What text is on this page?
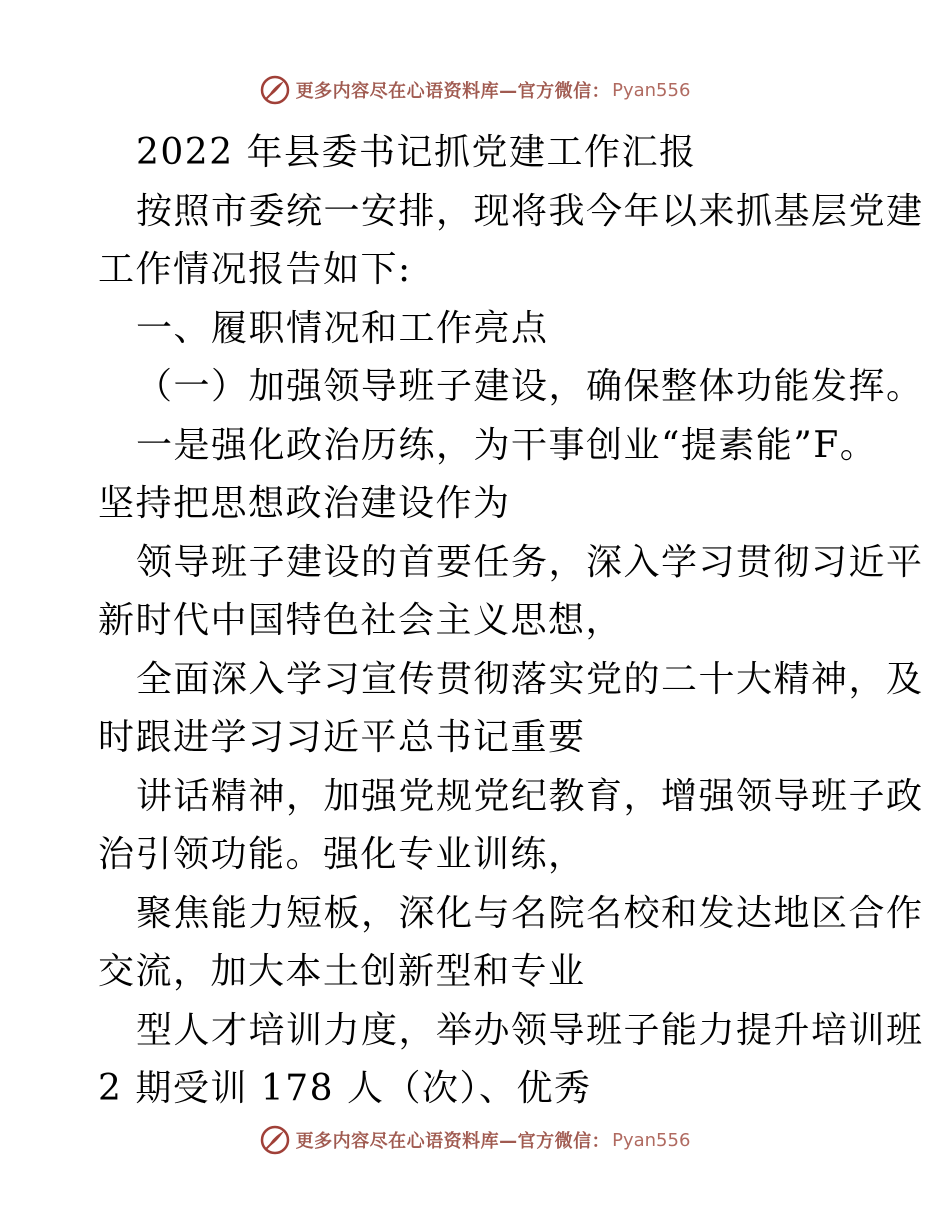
更多内容尽在心语资料库—官方微信： Pyan556
2022 年县委书记抓党建工作汇报
按照市委统一安排，现将我今年以来抓基层党建
工作情况报告如下:
一、履职情况和工作亮点
（一）加强领导班子建设，确保整体功能发挥。
一是强化政治历练，为干事创业“提素能”F。
坚持把思想政治建设作为
领导班子建设的首要任务，深入学习贯彻习近平
新时代中国特色社会主义思想，
全面深入学习宣传贯彻落实党的二十大精神，及
时跟进学习习近平总书记重要
讲话精神，加强党规党纪教育，增强领导班子政
治引领功能。强化专业训练，
聚焦能力短板，深化与名院名校和发达地区合作
交流，加大本土创新型和专业
型人才培训力度，举办领导班子能力提升培训班
2 期受训 178 人（次）、优秀
更多内容尽在心语资料库—官方微信： Pyan556
